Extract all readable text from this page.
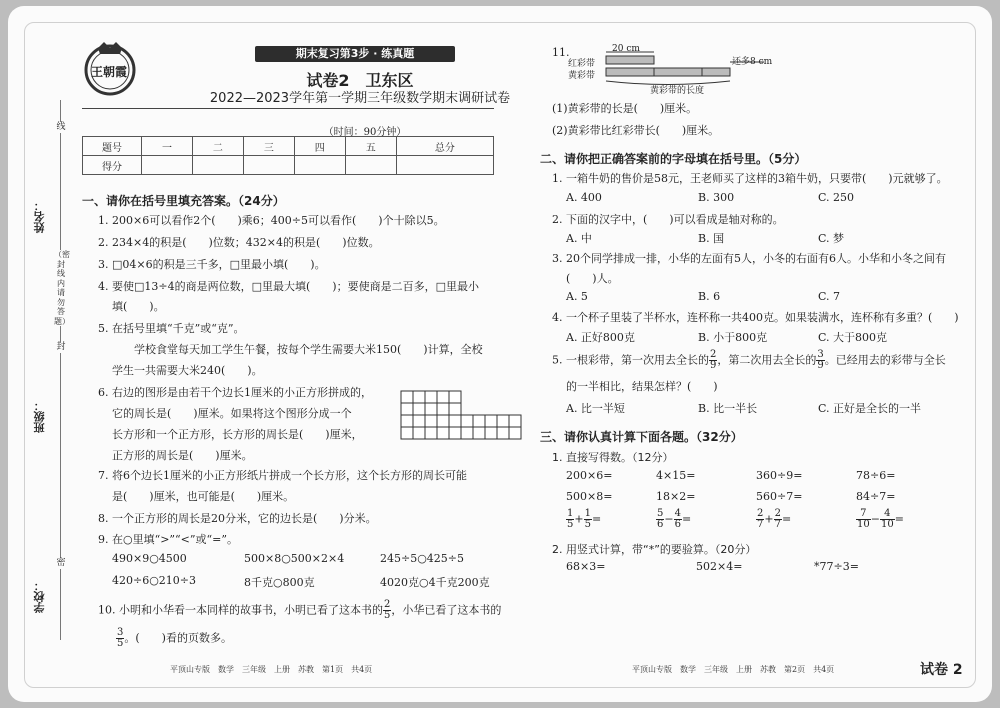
姓名：
班级：
学校：
线
（密封线内请勿答题）
封
密
王朝霞
期末复习第3步 · 练真题
试卷2　卫东区
2022—2023学年第一学期三年级数学期末调研试卷
（时间：90分钟）
题号	一	二	三	四	五	总分
得分						
一、请你在括号里填充答案。（24分）
1. 200×6可以看作2个(　　)乘6；400÷5可以看作(　　)个十除以5。
2. 234×4的积是(　　)位数；432×4的积是(　　)位数。
3. □04×6的积是三千多，□里最小填(　　)。
4. 要使□13÷4的商是两位数，□里最大填(　　)；要使商是二百多，□里最小
填(　　)。
5. 在括号里填“千克”或“克”。
学校食堂每天加工学生午餐，按每个学生需要大米150(　　)计算，全校
学生一共需要大米240(　　)。
6. 右边的图形是由若干个边长1厘米的小正方形拼成的，
它的周长是(　　)厘米。如果将这个图形分成一个
长方形和一个正方形，长方形的周长是(　　)厘米，
正方形的周长是(　　)厘米。
7. 将6个边长1厘米的小正方形纸片拼成一个长方形，这个长方形的周长可能
是(　　)厘米，也可能是(　　)厘米。
8. 一个正方形的周长是20分米，它的边长是(　　)分米。
9. 在○里填“>”“<”或“=”。
490×9○4500	500×8○500×2×4	245÷5○425÷5
420÷6○210÷3	8千克○800克	4020克○4千克200克
10. 小明和小华看一本同样的故事书，小明已看了这本书的 $\frac{2}{5}$ ，小华已看了这本书的
$\frac{3}{5}$ 。(　　)看的页数多。
平顶山专版　数学　三年级　上册　苏教　第1页　共4页
11.
红彩带
黄彩带
20 cm
还多8 cm
黄彩带的长度
(1)黄彩带的长是(　　)厘米。
(2)黄彩带比红彩带长(　　)厘米。
二、请你把正确答案前的字母填在括号里。（5分）
1. 一箱牛奶的售价是58元，王老师买了这样的3箱牛奶，只要带(　　)元就够了。
A. 400	B. 300	C. 250
2. 下面的汉字中，(　　)可以看成是轴对称的。
A. 中	B. 国	C. 梦
3. 20个同学排成一排，小华的左面有5人，小冬的右面有6人。小华和小冬之间有
(　　)人。
A. 5	B. 6	C. 7
4. 一个杯子里装了半杯水，连杯称一共400克。如果装满水，连杯称有多重？(　　)
A. 正好800克	B. 小于800克	C. 大于800克
5. 一根彩带，第一次用去全长的 $\frac{2}{9}$ ，第二次用去全长的 $\frac{3}{9}$ 。已经用去的彩带与全长
的一半相比，结果怎样？(　　)
A. 比一半短	B. 比一半长	C. 正好是全长的一半
三、请你认真计算下面各题。（32分）
1. 直接写得数。（12分）
200×6=	4×15=	360÷9=	78÷6=
500×8=	18×2=	560÷7=	84÷7=
$\frac{1}{5} + \frac{1}{5}$ =	$\frac{5}{6} - \frac{4}{6}$ =	$\frac{2}{7} + \frac{2}{7}$ =	$\frac{7}{10} - \frac{4}{10}$ =
2. 用竖式计算，带“*”的要验算。（20分）
68×3=	502×4=	*77÷3=
平顶山专版　数学　三年级　上册　苏教　第2页　共4页	试卷 2
